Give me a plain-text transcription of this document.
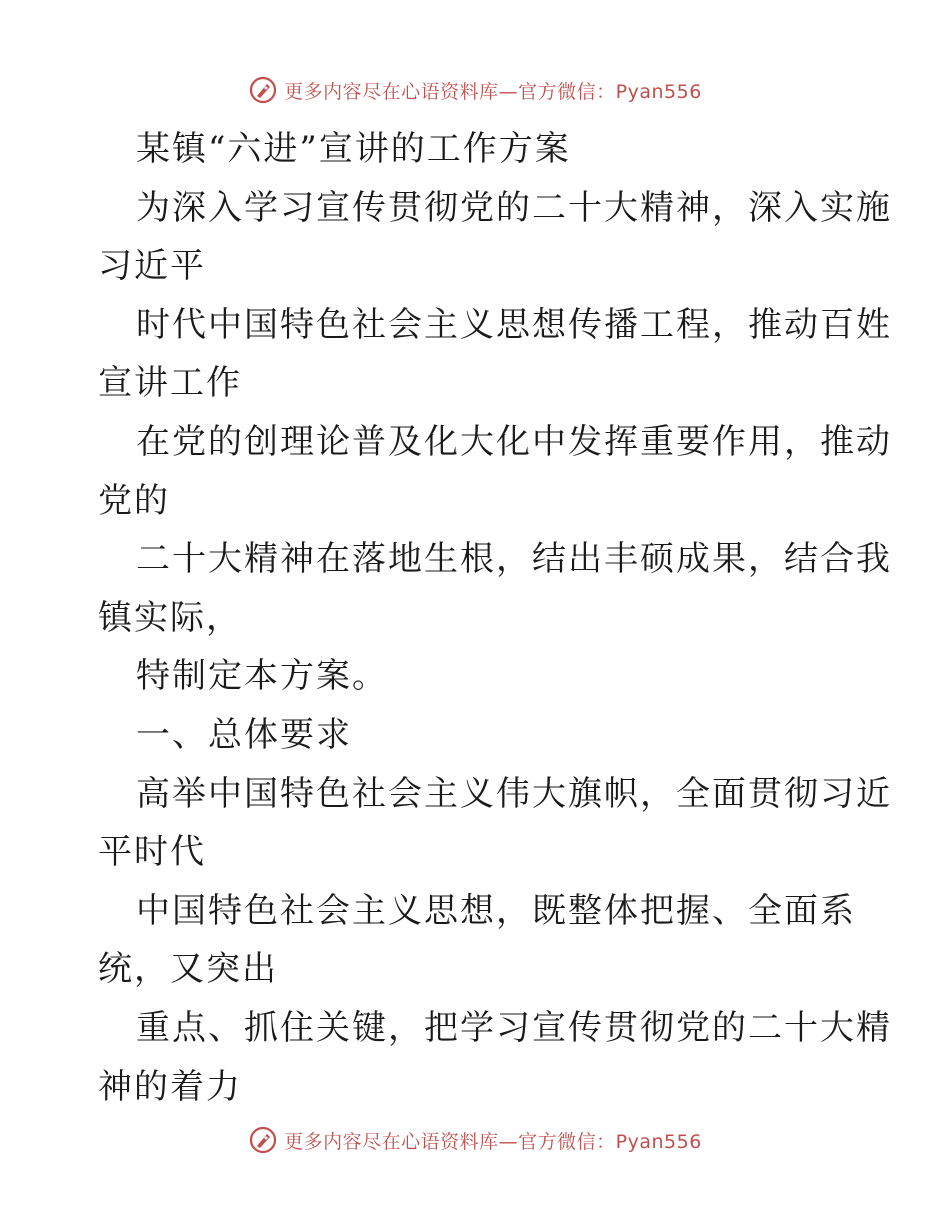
更多内容尽在心语资料库—官方微信：Pyan556
某镇“六进”宣讲的工作方案
为深入学习宣传贯彻党的二十大精神，深入实施
习近平
时代中国特色社会主义思想传播工程，推动百姓
宣讲工作
在党的创理论普及化大化中发挥重要作用，推动
党的
二十大精神在落地生根，结出丰硕成果，结合我
镇实际，
特制定本方案。
一、总体要求
高举中国特色社会主义伟大旗帜，全面贯彻习近
平时代
中国特色社会主义思想，既整体把握、全面系
统，又突出
重点、抓住关键，把学习宣传贯彻党的二十大精
神的着力
更多内容尽在心语资料库—官方微信：Pyan556
